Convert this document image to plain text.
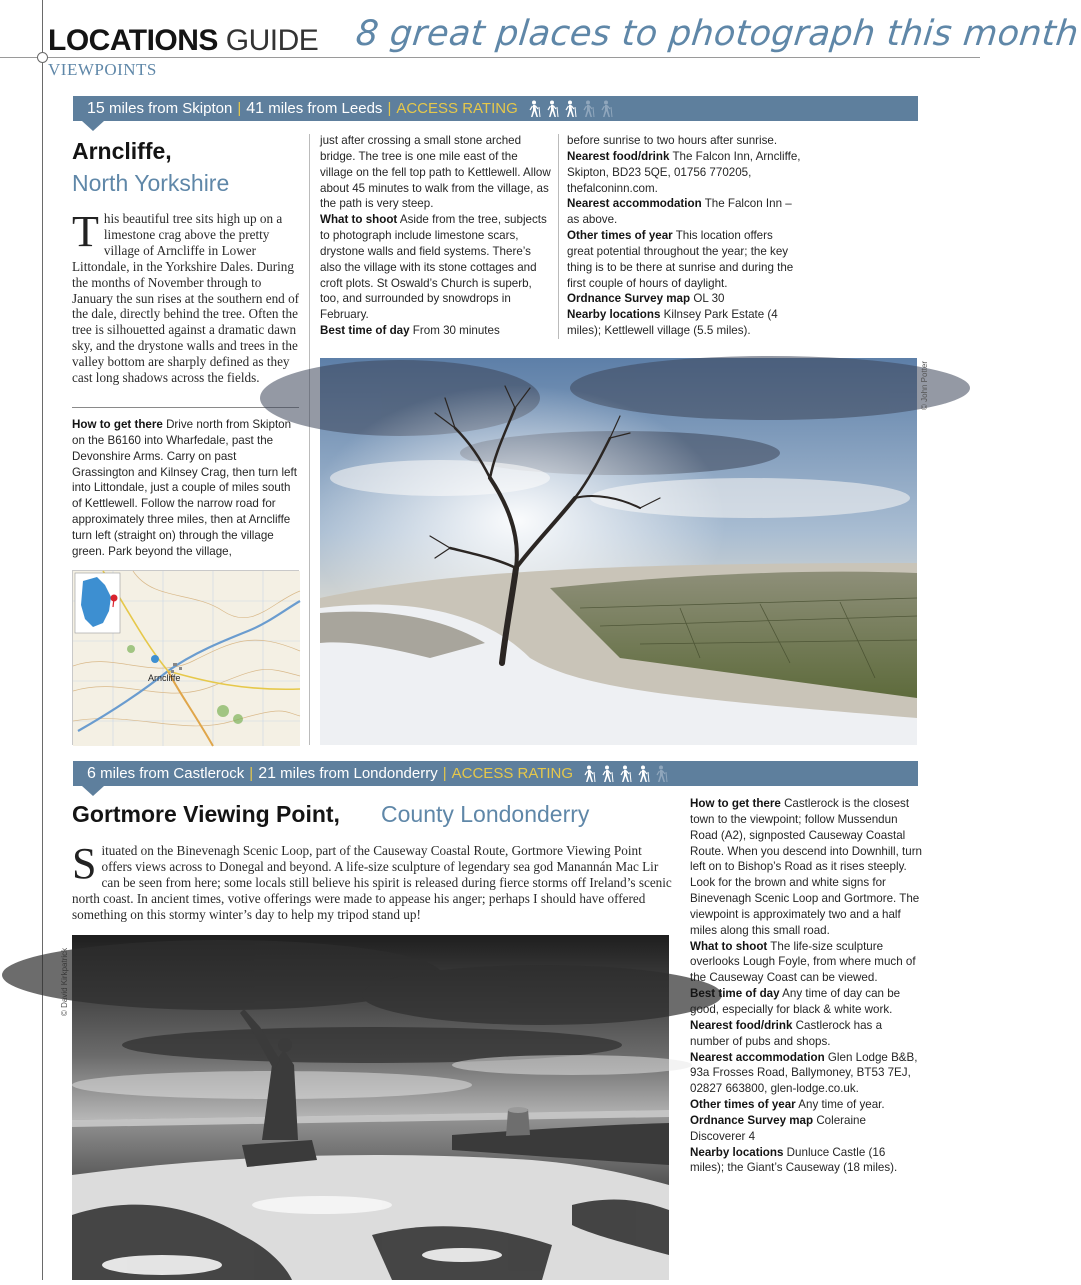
LOCATIONS GUIDE 8 great places to photograph this month
VIEWPOINTS
15
miles from Skipton | 41
miles from Leeds | ACCESS RATING
Arncliffe,
North Yorkshire
This beautiful tree sits high up on a limestone crag above the pretty village of Arncliffe in Lower Littondale, in the Yorkshire Dales. During the months of November through to January the sun rises at the southern end of the dale, directly behind the tree. Often the tree is silhouetted against a dramatic dawn sky, and the drystone walls and trees in the valley bottom are sharply defined as they cast long shadows across the fields.

How to get there Drive north from Skipton on the B6160 into Wharfedale, past the Devonshire Arms. Carry on past Grassington and Kilnsey Crag, then turn left into Littondale, just a couple of miles south of Kettlewell. Follow the narrow road for approximately three miles, then at Arncliffe turn left (straight on) through the village green. Park beyond the village,

Arncliffe

just after crossing a small stone arched bridge. The tree is one mile east of the village on the fell top path to Kettlewell. Allow about 45 minutes to walk from the village, as the path is very steep.

What to shoot Aside from the tree, subjects to photograph include limestone scars, drystone walls and field systems. There’s also the village with its stone cottages and croft plots. St Oswald’s Church is superb, too, and surrounded by snowdrops in February.

Best time of day From 30 minutes

before sunrise to two hours after sunrise.

Nearest food/drink The Falcon Inn, Arncliffe, Skipton, BD23 5QE, 01756 770205, thefalconinn.com.

Nearest accommodation The Falcon Inn – as above.

Other times of year This location offers great potential throughout the year; the key thing is to be there at sunrise and during the first couple of hours of daylight.

Ordnance Survey map OL 30

Nearby locations Kilnsey Park Estate (4 miles); Kettlewell village (5.5 miles).

© John Potter
6
miles from Castlerock | 21
miles from Londonderry | ACCESS RATING
Gortmore Viewing Point, County Londonderry
Situated on the Binevenagh Scenic Loop, part of the Causeway Coastal Route, Gortmore Viewing Point offers views across to Donegal and beyond. A life-size sculpture of legendary sea god Manannán Mac Lir can be seen from here; some locals still believe his spirit is released during fierce storms off Ireland’s scenic north coast. In ancient times, votive offerings were made to appease his anger; perhaps I should have offered something on this stormy winter’s day to help my tripod stand up!

How to get there Castlerock is the closest town to the viewpoint; follow Mussendun Road (A2), signposted Causeway Coastal Route. When you descend into Downhill, turn left on to Bishop’s Road as it rises steeply. Look for the brown and white signs for Binevenagh Scenic Loop and Gortmore. The viewpoint is approximately two and a half miles along this small road.

What to shoot The life-size sculpture overlooks Lough Foyle, from where much of the Causeway Coast can be viewed.

Best time of day Any time of day can be good, especially for black & white work.

Nearest food/drink Castlerock has a number of pubs and shops.

Nearest accommodation Glen Lodge B&B, 93a Frosses Road, Ballymoney, BT53 7EJ, 02827 663800, glen-lodge.co.uk.

Other times of year Any time of year.

Ordnance Survey map Coleraine Discoverer 4

Nearby locations Dunluce Castle (16 miles); the Giant’s Causeway (18 miles).
